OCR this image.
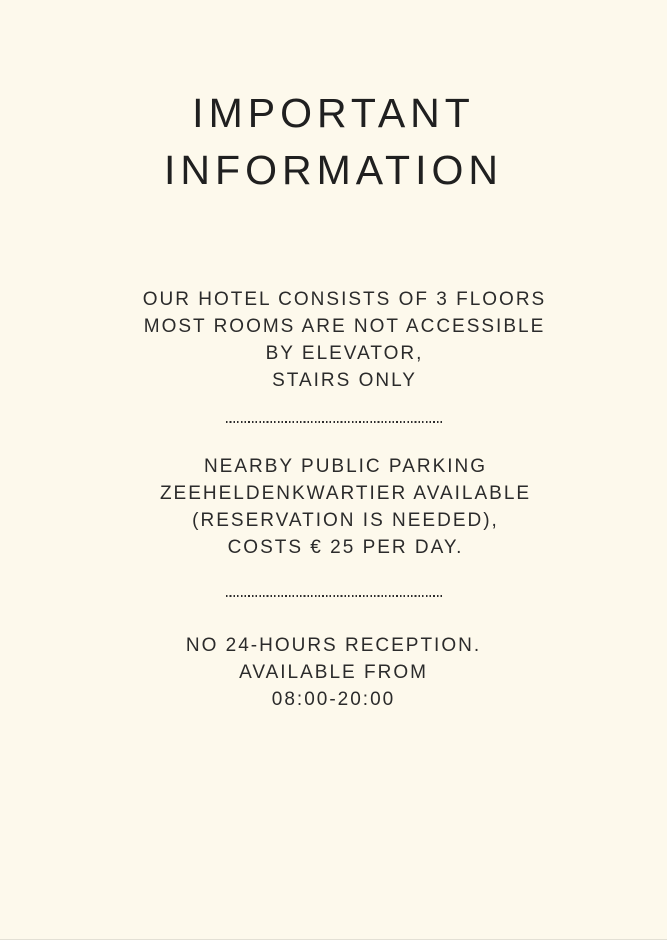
IMPORTANT
INFORMATION
OUR HOTEL CONSISTS OF 3 FLOORS
MOST ROOMS ARE NOT ACCESSIBLE
BY ELEVATOR,
STAIRS ONLY
NEARBY PUBLIC PARKING
ZEEHELDENKWARTIER AVAILABLE
(RESERVATION IS NEEDED),
COSTS € 25 PER DAY.
NO 24-HOURS RECEPTION.
AVAILABLE FROM
08:00-20:00
